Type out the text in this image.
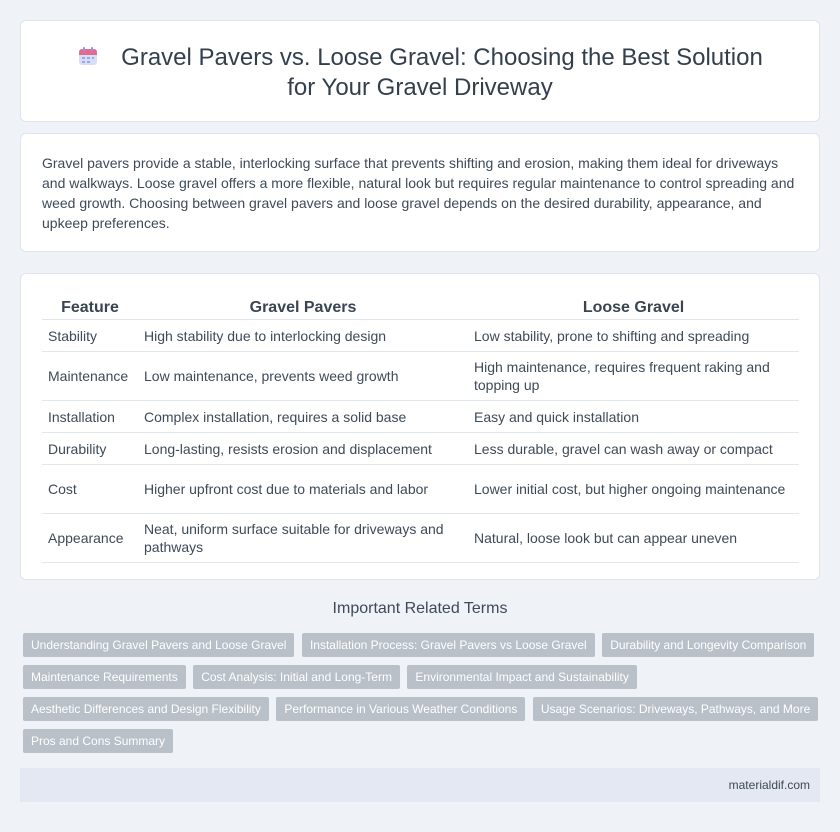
Gravel Pavers vs. Loose Gravel: Choosing the Best Solution for Your Gravel Driveway
Gravel pavers provide a stable, interlocking surface that prevents shifting and erosion, making them ideal for driveways and walkways. Loose gravel offers a more flexible, natural look but requires regular maintenance to control spreading and weed growth. Choosing between gravel pavers and loose gravel depends on the desired durability, appearance, and upkeep preferences.
Feature	Gravel Pavers	Loose Gravel
Stability	High stability due to interlocking design	Low stability, prone to shifting and spreading
Maintenance	Low maintenance, prevents weed growth	High maintenance, requires frequent raking and topping up
Installation	Complex installation, requires a solid base	Easy and quick installation
Durability	Long-lasting, resists erosion and displacement	Less durable, gravel can wash away or compact
Cost	Higher upfront cost due to materials and labor	Lower initial cost, but higher ongoing maintenance
Appearance	Neat, uniform surface suitable for driveways and pathways	Natural, loose look but can appear uneven
Important Related Terms
Understanding Gravel Pavers and Loose Gravel Installation Process: Gravel Pavers vs Loose Gravel Durability and Longevity Comparison Maintenance Requirements Cost Analysis: Initial and Long-Term Environmental Impact and Sustainability Aesthetic Differences and Design Flexibility Performance in Various Weather Conditions Usage Scenarios: Driveways, Pathways, and More Pros and Cons Summary
materialdif.com
